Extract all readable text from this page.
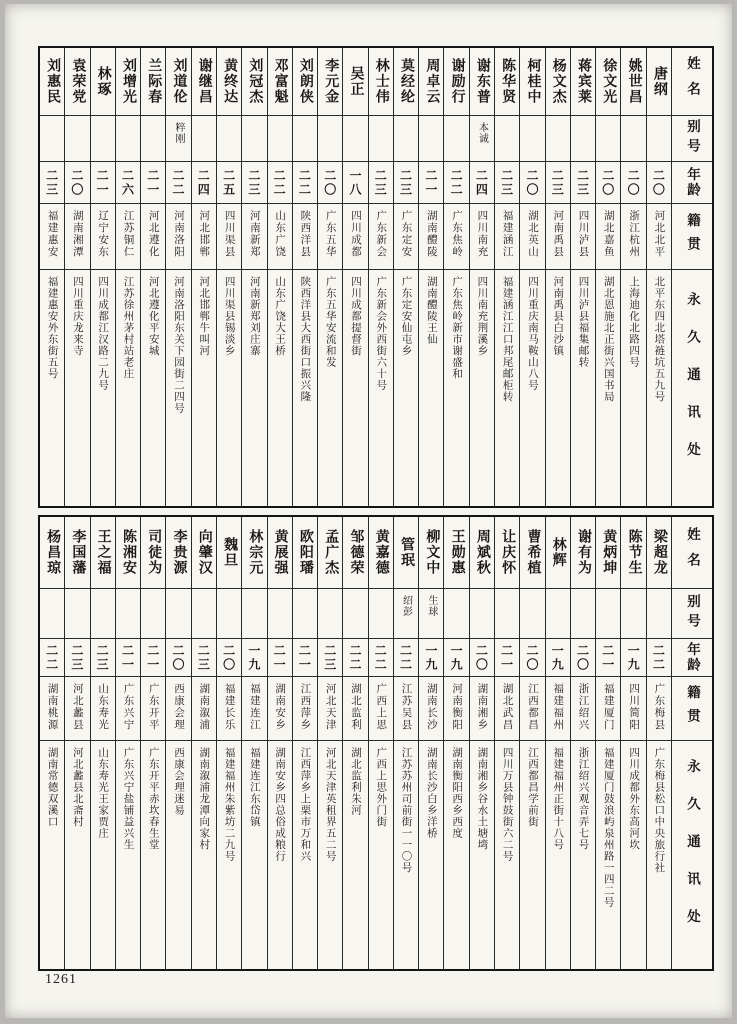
姓名
别号
年龄
籍贯
永久通讯处
唐纲
二〇
河北北平
北平东四北塔裢坑五九号
姚世昌
二〇
浙江杭州
上海迪化北路四号
徐文光
二〇
湖北嘉鱼
湖北恩施北正街兴国书局
蒋宾莱
二三
四川泸县
四川泸县福集邮转
杨文杰
二三
河南禹县
河南禹县白沙镇
柯桂中
二〇
湖北英山
四川重庆南马鞍山八号
陈华贤
二三
福建涵江
福建涵江江口邦尾邮柜转
谢东普
本诚
二四
四川南充
四川南充荆溪乡
谢励行
二二
广东焦岭
广东焦岭新市谢盛和
周卓云
二一
湖南醴陵
湖南醴陵王仙
莫经纶
二三
广东定安
广东定安仙屯乡
林士伟
二三
广东新会
广东新会外西街六十号
吴正
一八
四川成都
四川成都提督街
李元金
二〇
广东五华
广东五华安流和发
刘朗侠
二二
陕西洋县
陕西洋县大西街口振兴隆
邓富魁
二二
山东广饶
山东广饶大王桥
刘冠杰
二三
河南新郑
河南新郑刘庄寨
黄终达
二五
四川渠县
四川渠县锡淡乡
谢继昌
二四
河北邯郸
河北邯郸牛叫河
刘道伦
粹刚
二二
河南洛阳
河南洛阳东关下园街二四号
兰际春
二一
河北遵化
河北遵化平安城
刘增光
二六
江苏铜仁
江苏徐州茅村站老庄
林琢
二一
辽宁安东
四川成都江汉路二九号
袁荣党
二〇
湖南湘潭
四川重庆龙来寺
刘惠民
二三
福建惠安
福建惠安外东街五号
姓名
别号
年龄
籍贯
永久通讯处
梁超龙
二二
广东梅县
广东梅县松口中央旅行社
陈节生
一九
四川简阳
四川成都外东高河坎
黄炳坤
二一
福建厦门
福建厦门鼓浪屿泉州路一四二号
谢有为
二〇
浙江绍兴
浙江绍兴观音弄七号
林辉
一九
福建福州
福建福州正街十八号
曹希植
二〇
江西都昌
江西都昌学前街
让庆怀
二一
湖北武昌
四川万县钟鼓街六二号
周斌秋
二〇
湖南湘乡
湖南湘乡谷水土塘塆
王勋惠
一九
河南衡阳
湖南衡阳西乡西度
柳文中
生球
一九
湖南长沙
湖南长沙白乡洋桥
管珉
绍彭
二二
江苏吴县
江苏苏州司前街一一〇号
黄嘉德
二二
广西上思
广西上思外门街
邹德荣
二二
湖北监利
湖北监利朱河
孟广杰
二三
河北天津
河北天津英租界五二号
欧阳璠
二一
江西萍乡
江西萍乡上栗市万和兴
黄展强
二一
湖南安乡
湖南安乡四总俗成粮行
林宗元
一九
福建连江
福建连江东岱镇
魏旦
二〇
福建长乐
福建福州朱紫坊二九号
向肇汉
二三
湖南溆浦
湖南溆浦龙潭向家村
李贵源
二〇
西康会理
西康会理迷易
司徒为
二一
广东开平
广东开平赤坎春生堂
陈湘安
二一
广东兴宁
广东兴宁盐铺益兴生
王之福
二三
山东寿光
山东寿光王家贾庄
李国藩
二三
河北蠡县
河北蠡县北斋村
杨昌琼
二二
湖南桃源
湖南常德双溪口
1261
